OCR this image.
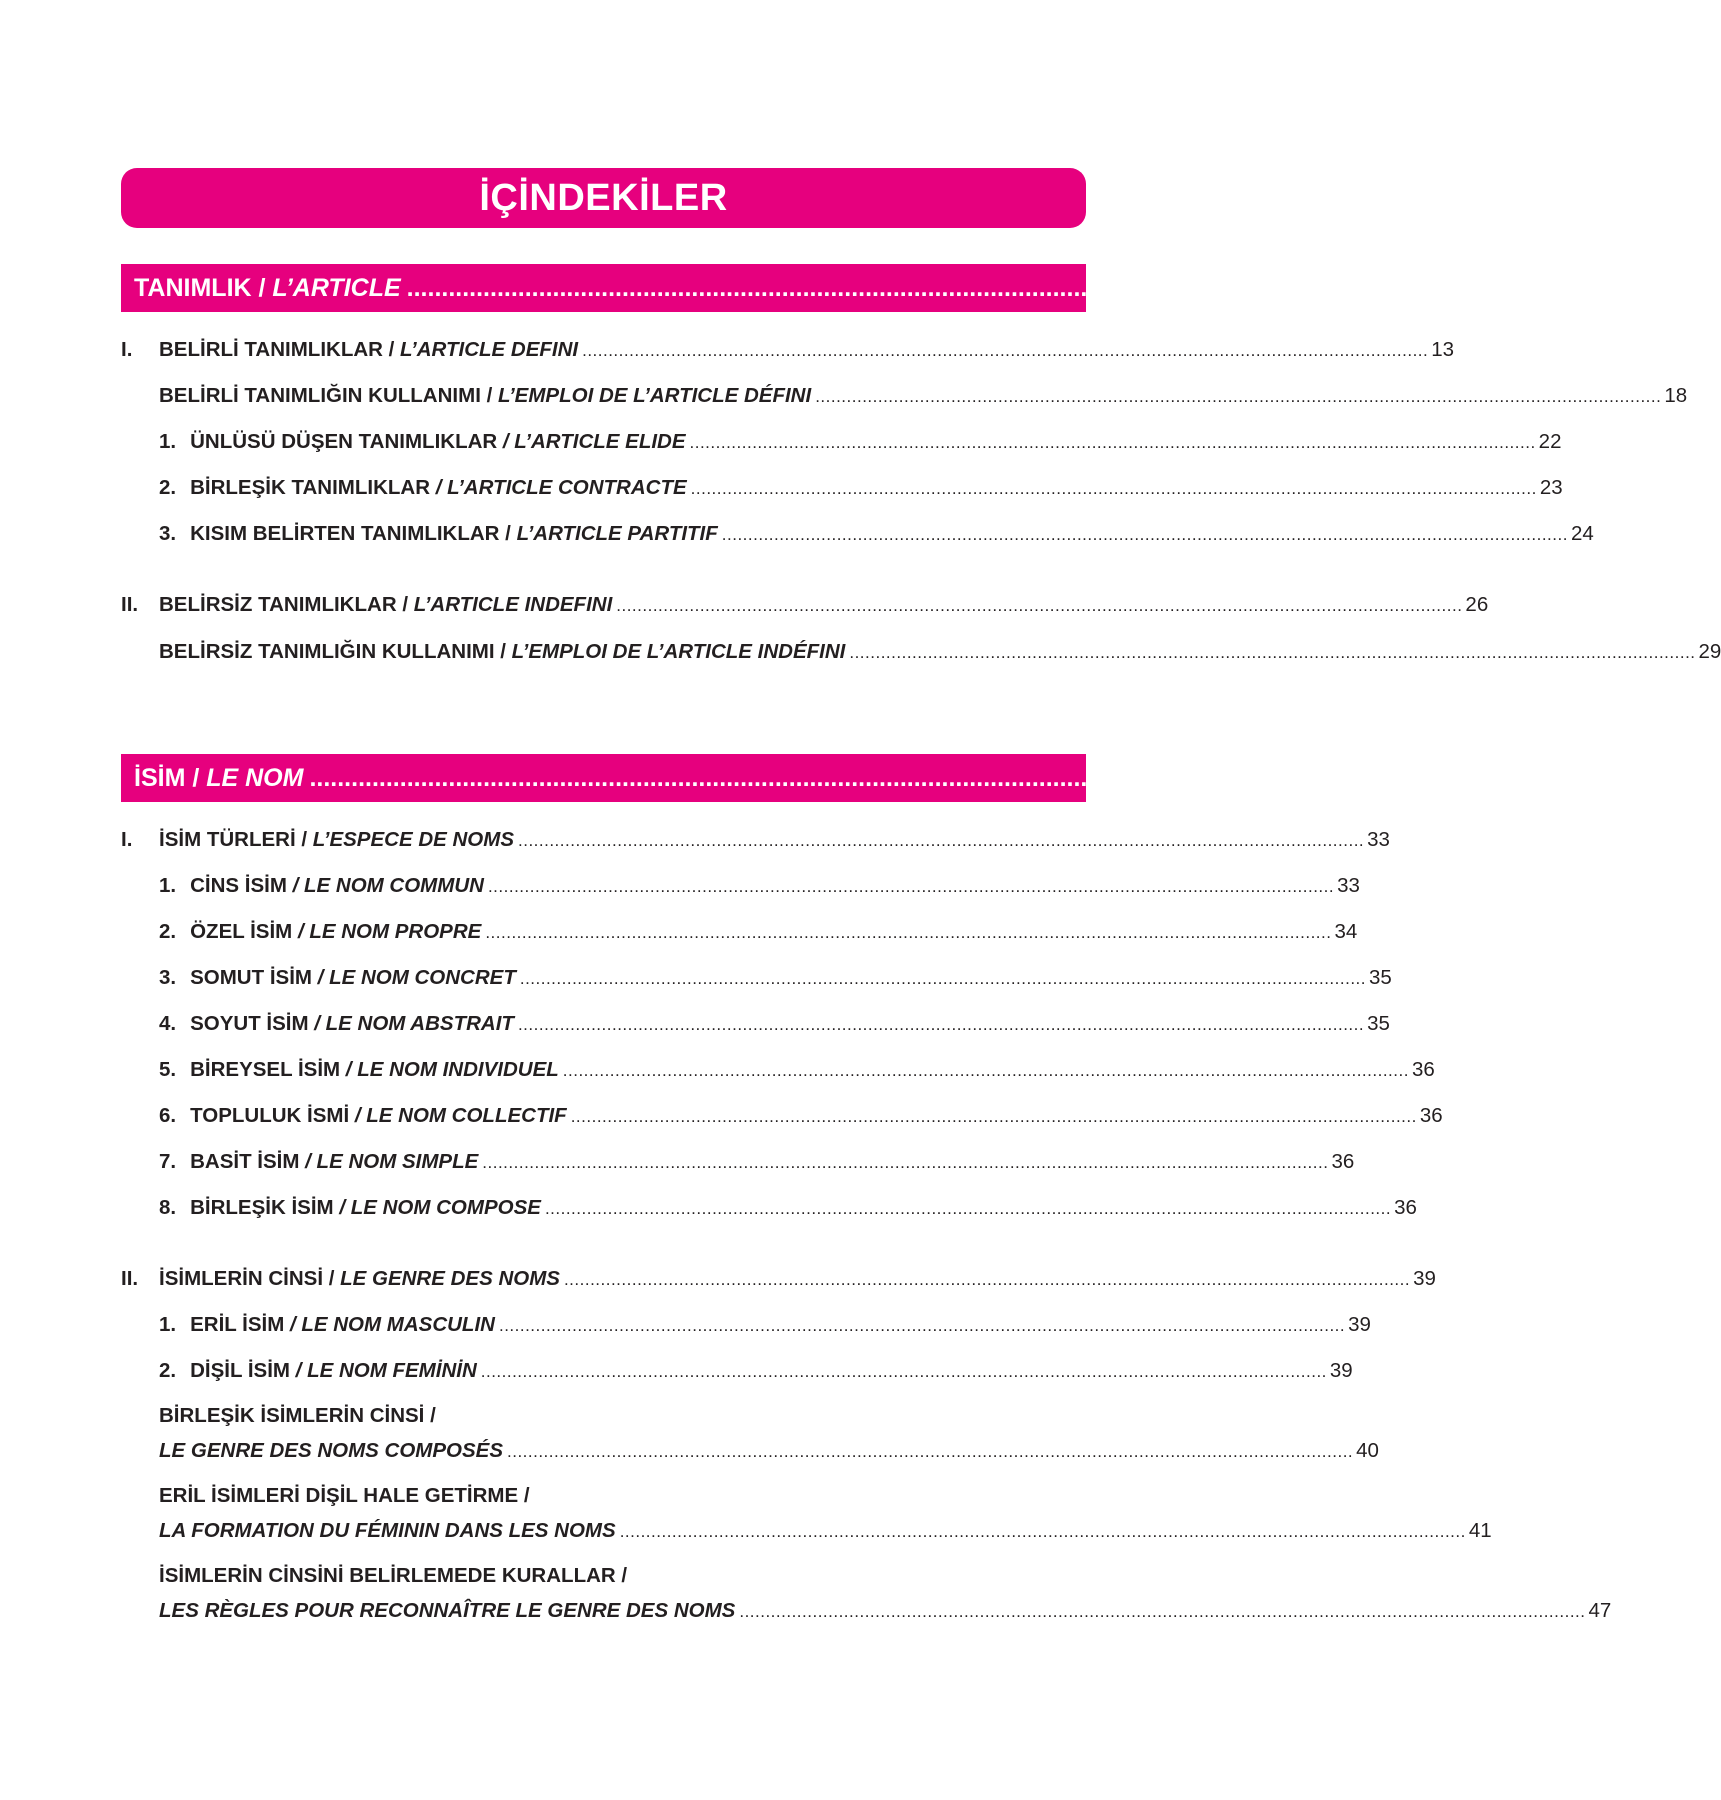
İÇİNDEKİLER
TANIMLIK / L’ARTICLE ........................................................................................................................................................ 13
I. BELİRLİ TANIMLIKLAR / L’ARTICLE DEFINI .................................................................................................................................................................. 13
BELİRLİ TANIMLIĞIN KULLANIMI / L’EMPLOI DE L’ARTICLE DÉFINI .................................................................................................................................................................. 18
1. ÜNLÜSÜ DÜŞEN TANIMLIKLAR / L’ARTICLE ELIDE .................................................................................................................................................................. 22
2. BİRLEŞİK TANIMLIKLAR / L’ARTICLE CONTRACTE .................................................................................................................................................................. 23
3. KISIM BELİRTEN TANIMLIKLAR / L’ARTICLE PARTITIF .................................................................................................................................................................. 24
II. BELİRSİZ TANIMLIKLAR / L’ARTICLE INDEFINI .................................................................................................................................................................. 26
BELİRSİZ TANIMLIĞIN KULLANIMI / L’EMPLOI DE L’ARTICLE INDÉFINI .................................................................................................................................................................. 29
İSİM / LE NOM .......................................................................................................................................................... 33
I. İSİM TÜRLERİ / L’ESPECE DE NOMS .................................................................................................................................................................. 33
1. CİNS İSİM / LE NOM COMMUN .................................................................................................................................................................. 33
2. ÖZEL İSİM / LE NOM PROPRE .................................................................................................................................................................. 34
3. SOMUT İSİM / LE NOM CONCRET .................................................................................................................................................................. 35
4. SOYUT İSİM / LE NOM ABSTRAIT .................................................................................................................................................................. 35
5. BİREYSEL İSİM / LE NOM INDIVIDUEL .................................................................................................................................................................. 36
6. TOPLULUK İSMİ / LE NOM COLLECTIF .................................................................................................................................................................. 36
7. BASİT İSİM / LE NOM SIMPLE .................................................................................................................................................................. 36
8. BİRLEŞİK İSİM / LE NOM COMPOSE .................................................................................................................................................................. 36
II. İSİMLERİN CİNSİ / LE GENRE DES NOMS .................................................................................................................................................................. 39
1. ERİL İSİM / LE NOM MASCULIN .................................................................................................................................................................. 39
2. DİŞİL İSİM / LE NOM FEMİNİN .................................................................................................................................................................. 39
BİRLEŞİK İSİMLERİN CİNSİ /
LE GENRE DES NOMS COMPOSÉS .................................................................................................................................................................. 40
ERİL İSİMLERİ DİŞİL HALE GETİRME /
LA FORMATION DU FÉMININ DANS LES NOMS .................................................................................................................................................................. 41
İSİMLERİN CİNSİNİ BELİRLEMEDE KURALLAR /
LES RÈGLES POUR RECONNAÎTRE LE GENRE DES NOMS .................................................................................................................................................................. 47
